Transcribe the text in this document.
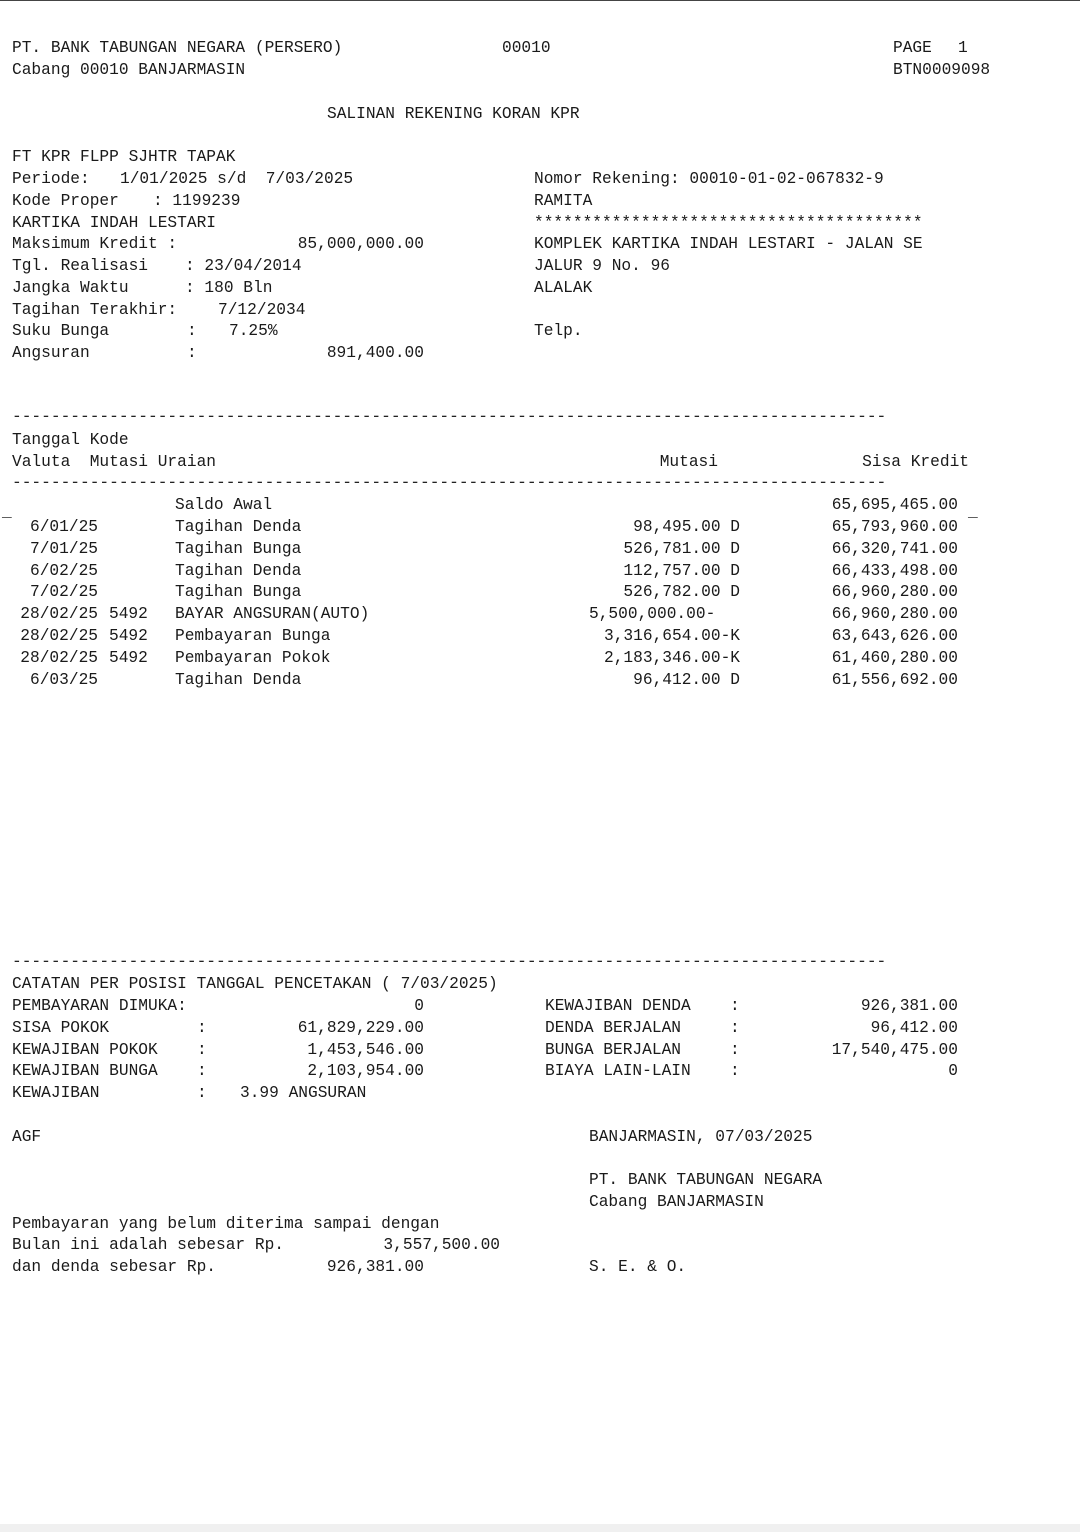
PT. BANK TABUNGAN NEGARA (PERSERO)
Cabang 00010 BANJARMASIN
00010	PAGE 1
BTN0009098
SALINAN REKENING KORAN KPR
FT KPR FLPP SJHTR TAPAK
Periode: 1/01/2025 s/d  7/03/2025
Kode Proper : 1199239
KARTIKA INDAH LESTARI
Maksimum Kredit :	85,000,000.00
Tgl. Realisasi : 23/04/2014
Jangka Waktu	: 180 Bln
Tagihan Terakhir:	7/12/2034
Suku Bunga	: 7.25%
Angsuran	:	891,400.00
Nomor Rekening: 00010-01-02-067832-9
RAMITA
****************************************
KOMPLEK KARTIKA INDAH LESTARI - JALAN SE
JALUR 9 No. 96
ALALAK
Telp.
------------------------------------------------------------------------------------------
Tanggal Kode
Valuta  Mutasi Uraian	Mutasi	Sisa Kredit
------------------------------------------------------------------------------------------
_	_
Saldo Awal	65,695,465.00
6/01/25	Tagihan Denda	98,495.00 D	65,793,960.00
7/01/25	Tagihan Bunga	526,781.00 D	66,320,741.00
6/02/25	Tagihan Denda	112,757.00 D	66,433,498.00
7/02/25	Tagihan Bunga	526,782.00 D	66,960,280.00
28/02/25 5492 BAYAR ANGSURAN(AUTO)	5,500,000.00-	66,960,280.00
28/02/25 5492 Pembayaran Bunga	3,316,654.00-K	63,643,626.00
28/02/25 5492 Pembayaran Pokok	2,183,346.00-K	61,460,280.00
6/03/25	Tagihan Denda	96,412.00 D	61,556,692.00
------------------------------------------------------------------------------------------
CATATAN PER POSISI TANGGAL PENCETAKAN ( 7/03/2025)
PEMBAYARAN DIMUKA:	0
SISA POKOK	:	61,829,229.00
KEWAJIBAN POKOK :	1,453,546.00
KEWAJIBAN BUNGA :	2,103,954.00
KEWAJIBAN	: 3.99 ANGSURAN
KEWAJIBAN DENDA :	926,381.00
DENDA BERJALAN	:	96,412.00
BUNGA BERJALAN	:	17,540,475.00
BIAYA LAIN-LAIN :	0
AGF	BANJARMASIN, 07/03/2025
PT. BANK TABUNGAN NEGARA
Cabang BANJARMASIN
Pembayaran yang belum diterima sampai dengan
Bulan ini adalah sebesar Rp.	3,557,500.00
dan denda sebesar Rp.	926,381.00	S. E. & O.
